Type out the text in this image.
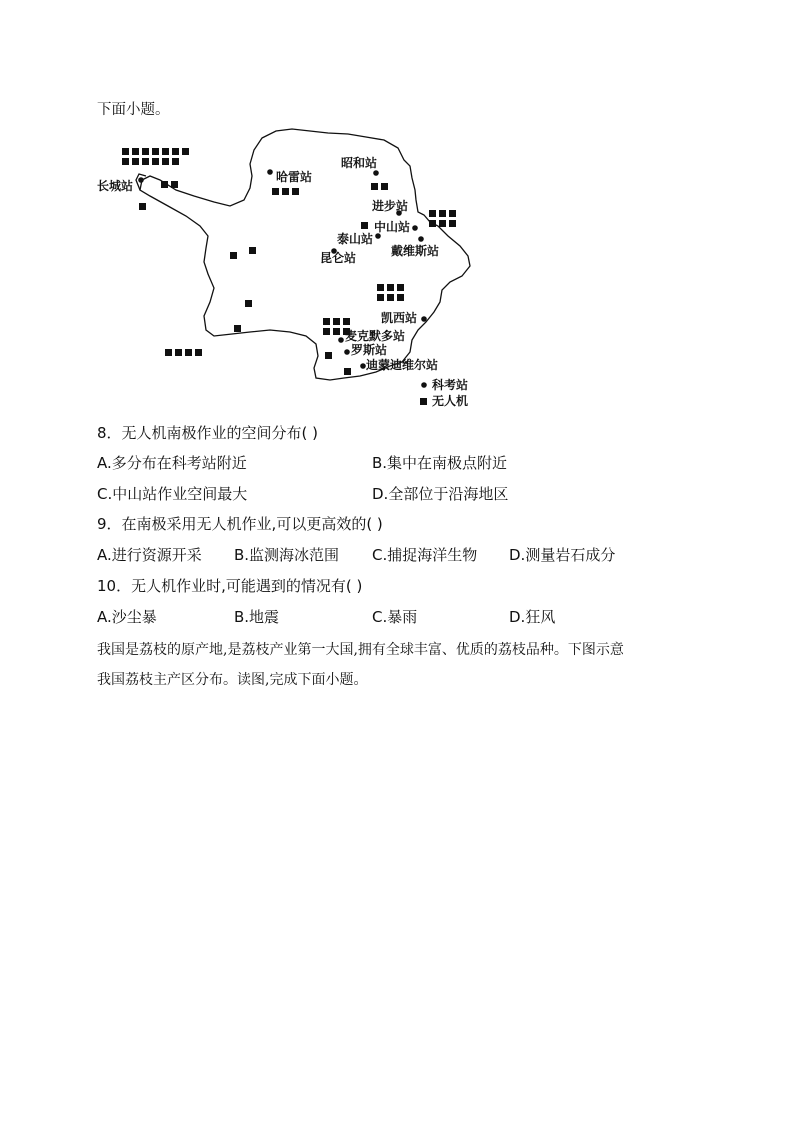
下面小题。
长城站
哈雷站
昭和站
进步站
中山站
泰山站
戴维斯站
昆仑站
凯西站
麦克默多站
罗斯站
迪蒙迪维尔站
科考站
无人机
8．无人机南极作业的空间分布( )
A.多分布在科考站附近	B.集中在南极点附近
C.中山站作业空间最大	D.全部位于沿海地区
9．在南极采用无人机作业,可以更高效的( )
A.进行资源开采 B.监测海冰范围 C.捕捉海洋生物 D.测量岩石成分
10．无人机作业时,可能遇到的情况有( )
A.沙尘暴	B.地震	C.暴雨	D.狂风
我国是荔枝的原产地,是荔枝产业第一大国,拥有全球丰富、优质的荔枝品种。下图示意
我国荔枝主产区分布。读图,完成下面小题。
